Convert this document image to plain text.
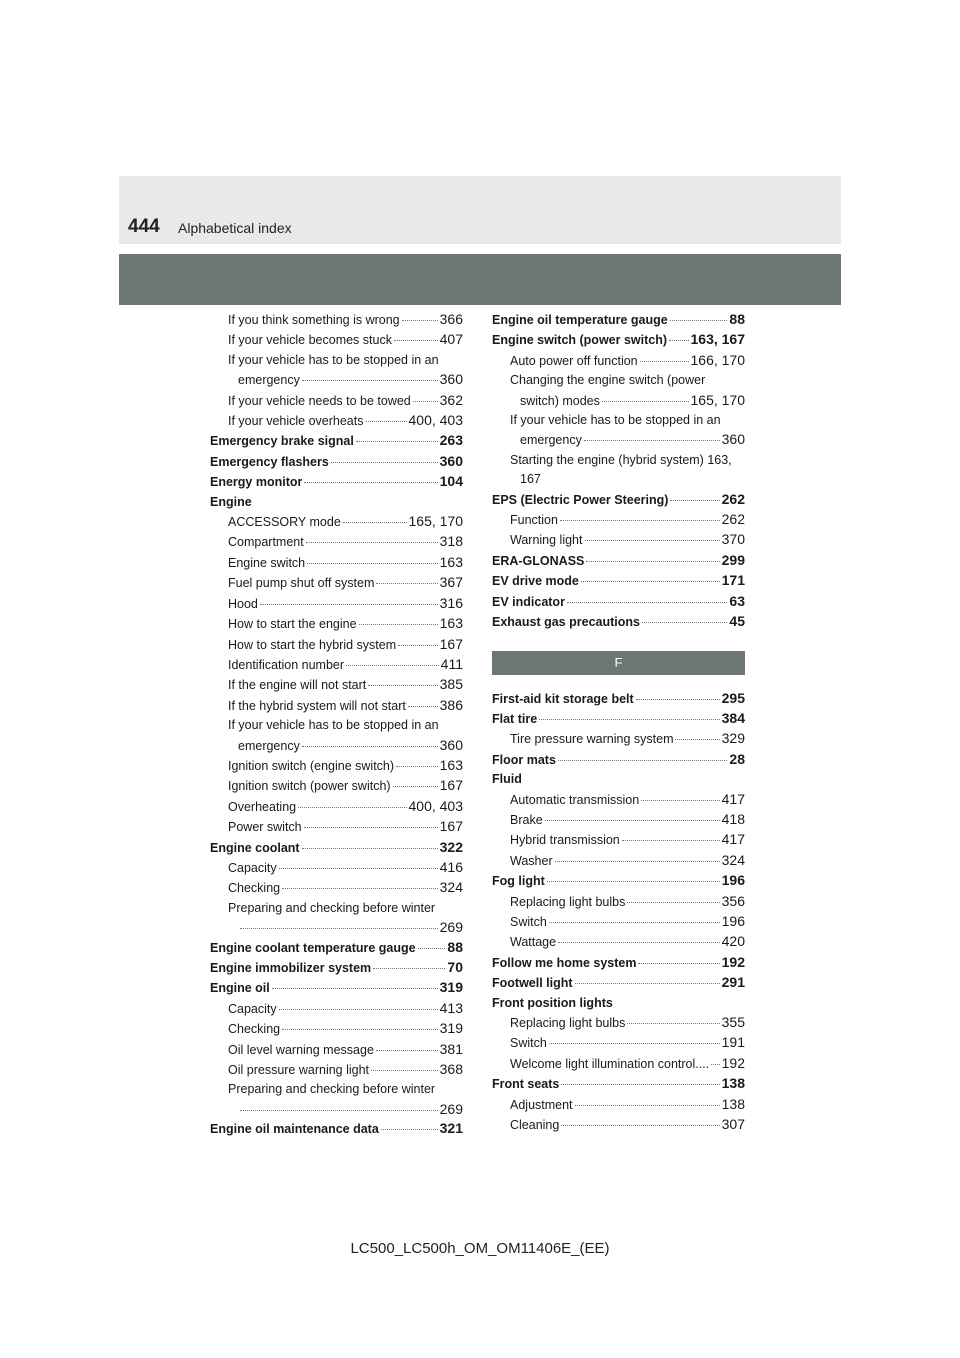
444 Alphabetical index
If you think something is wrong	366
If your vehicle becomes stuck	407
If your vehicle has to be stopped in an
emergency	360
If your vehicle needs to be towed 362
If your vehicle overheats	400, 403
Emergency brake signal	263
Emergency flashers	360
Energy monitor	104
Engine
ACCESSORY mode	165, 170
Compartment	318
Engine switch	163
Fuel pump shut off system	367
Hood	316
How to start the engine	163
How to start the hybrid system	167
Identification number	411
If the engine will not start	385
If the hybrid system will not start 386
If your vehicle has to be stopped in an
emergency	360
Ignition switch (engine switch)	163
Ignition switch (power switch)	167
Overheating	400, 403
Power switch	167
Engine coolant	322
Capacity	416
Checking	324
Preparing and checking before winter
269
Engine coolant temperature gauge 88
Engine immobilizer system	70
Engine oil	319
Capacity	413
Checking	319
Oil level warning message	381
Oil pressure warning light	368
Preparing and checking before winter
269
Engine oil maintenance data	321
Engine oil temperature gauge	88
Engine switch (power switch) 163, 167
Auto power off function	166, 170
Changing the engine switch (power
switch) modes	165, 170
If your vehicle has to be stopped in an
emergency	360
Starting the engine (hybrid system) 163,
167
EPS (Electric Power Steering)	262
Function	262
Warning light	370
ERA-GLONASS	299
EV drive mode	171
EV indicator	63
Exhaust gas precautions	45
F
First-aid kit storage belt	295
Flat tire	384
Tire pressure warning system	329
Floor mats	28
Fluid
Automatic transmission	417
Brake	418
Hybrid transmission	417
Washer	324
Fog light	196
Replacing light bulbs	356
Switch	196
Wattage	420
Follow me home system	192
Footwell light	291
Front position lights
Replacing light bulbs	355
Switch	191
Welcome light illumination control.... 192
Front seats	138
Adjustment	138
Cleaning	307
LC500_LC500h_OM_OM11406E_(EE)
